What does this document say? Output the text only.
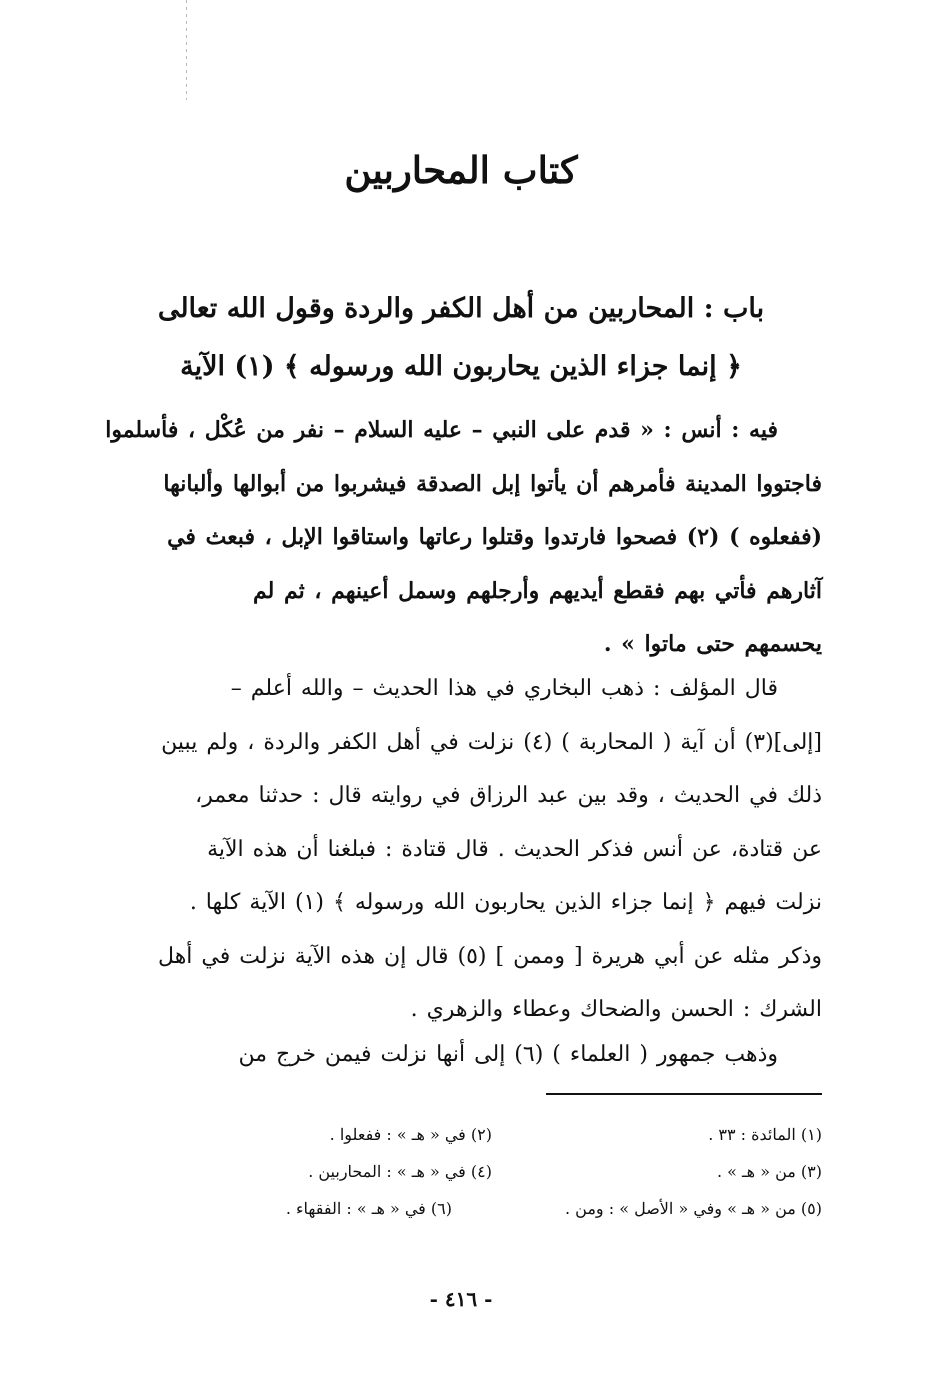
كتاب المحاربين

باب : المحاربين من أهل الكفر والردة وقول الله تعالى

﴿ إنما جزاء الذين يحاربون الله ورسوله ﴾ (١) الآية

فيه : أنس : « قدم على النبي – عليه السلام – نفر من عُكْل ، فأسلموا
فاجتووا المدينة فأمرهم أن يأتوا إبل الصدقة فيشربوا من أبوالها وألبانها
(ففعلوه ) (٢) فصحوا فارتدوا وقتلوا رعاتها واستاقوا الإبل ، فبعث في
آثارهم فأتي بهم فقطع أيديهم وأرجلهم وسمل أعينهم ، ثم لم
يحسمهم حتى ماتوا » .

قال المؤلف : ذهب البخاري في هذا الحديث – والله أعلم –
[إلى](٣) أن آية ( المحاربة ) (٤) نزلت في أهل الكفر والردة ، ولم يبين
ذلك في الحديث ، وقد بين عبد الرزاق في روايته قال : حدثنا معمر،
عن قتادة، عن أنس فذكر الحديث . قال قتادة : فبلغنا أن هذه الآية
نزلت فيهم ﴿ إنما جزاء الذين يحاربون الله ورسوله ﴾ (١) الآية كلها .
وذكر مثله عن أبي هريرة [ وممن ] (٥) قال إن هذه الآية نزلت في أهل
الشرك : الحسن والضحاك وعطاء والزهري .

وذهب جمهور ( العلماء ) (٦) إلى أنها نزلت فيمن خرج من

(١) المائدة : ٣٣ .
(٢) في « هـ » : ففعلوا .
(٣) من « هـ » .
(٤) في « هـ » : المحاربين .
(٥) من « هـ » وفي « الأصل » : ومن .
(٦) في « هـ » : الفقهاء .
- ٤١٦ -
